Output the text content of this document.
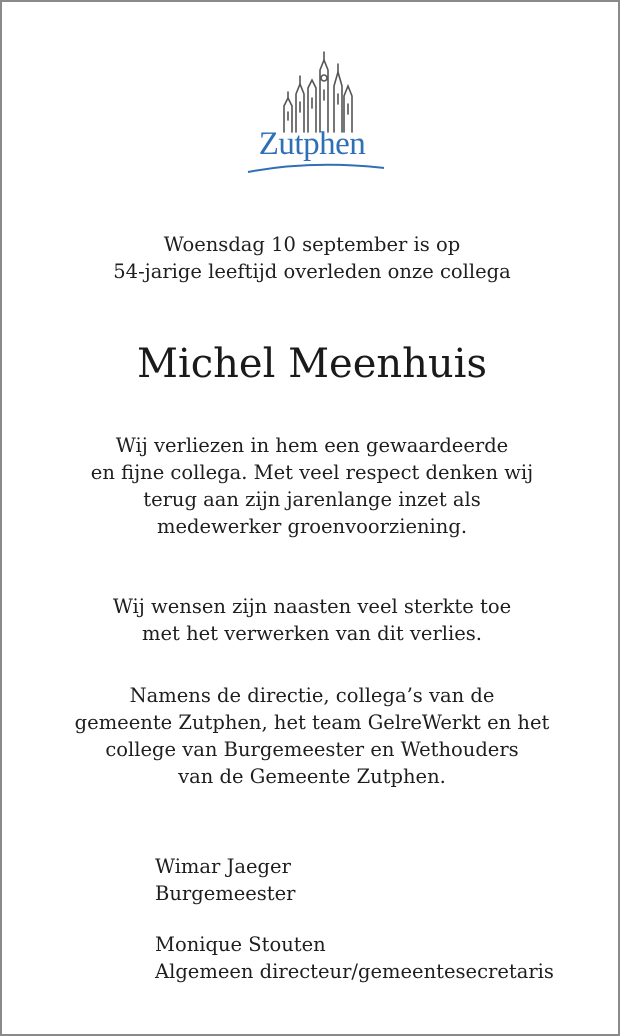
Zutphen

Woensdag 10 september is op

54-jarige leeftijd overleden onze collega

Michel Meenhuis

Wij verliezen in hem een gewaardeerde

en fijne collega. Met veel respect denken wij

terug aan zijn jarenlange inzet als

medewerker groenvoorziening.

Wij wensen zijn naasten veel sterkte toe

met het verwerken van dit verlies.

Namens de directie, collega’s van de

gemeente Zutphen, het team GelreWerkt en het

college van Burgemeester en Wethouders

van de Gemeente Zutphen.

Wimar Jaeger

Burgemeester

Monique Stouten

Algemeen directeur/gemeentesecretaris
